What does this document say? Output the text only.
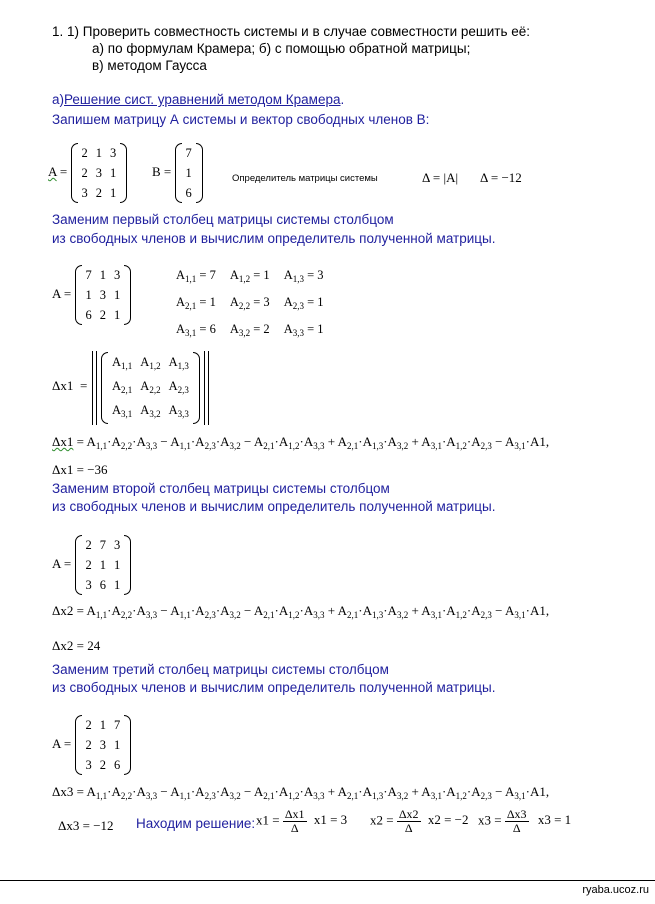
1. 1) Проверить совместность системы и в случае совместности решить её:
а) по формулам Крамера; б) с помощью обратной матрицы;
в) методом Гаусса
а)Решение сист. уравнений методом Крамера.
Запишем матрицу А системы и вектор свободных членов В:
A =
2	1	3
2	3	1
3	2	1
B =
7
1
6
Определитель матрицы системы	Δ = |A| Δ = −12
Заменим первый столбец матрицы системы столбцом
из свободных членов и вычислим определитель полученной матрицы.
A =
7	1	3
1	3	1
6	2	1
$A_{1,1} = 7$	$A_{1,2} = 1$	$A_{1,3} = 3$
$A_{2,1} = 1$	$A_{2,2} = 3$	$A_{2,3} = 1$
$A_{3,1} = 6$	$A_{3,2} = 2$	$A_{3,3} = 1$
Δx1 =
$A_{1,1}$	$A_{1,2}$	$A_{1,3}$
$A_{2,1}$	$A_{2,2}$	$A_{2,3}$
$A_{3,1}$	$A_{3,2}$	$A_{3,3}$
$\Delta x1 = A_{1,1}\cdot A_{2,2}\cdot A_{3,3} - A_{1,1}\cdot A_{2,3}\cdot A_{3,2} - A_{2,1}\cdot A_{1,2}\cdot A_{3,3} + A_{2,1}\cdot A_{1,3}\cdot A_{3,2} + A_{3,1}\cdot A_{1,2}\cdot A_{2,3} - A_{3,1}\cdot A1$,
Δx1 = −36
Заменим второй столбец матрицы системы столбцом
из свободных членов и вычислим определитель полученной матрицы.
A =
2	7	3
2	1	1
3	6	1
$\Delta x2 = A_{1,1}\cdot A_{2,2}\cdot A_{3,3} - A_{1,1}\cdot A_{2,3}\cdot A_{3,2} - A_{2,1}\cdot A_{1,2}\cdot A_{3,3} + A_{2,1}\cdot A_{1,3}\cdot A_{3,2} + A_{3,1}\cdot A_{1,2}\cdot A_{2,3} - A_{3,1}\cdot A1$,
Δx2 = 24
Заменим третий столбец матрицы системы столбцом
из свободных членов и вычислим определитель полученной матрицы.
A =
2	1	7
2	3	1
3	2	6
$\Delta x3 = A_{1,1}\cdot A_{2,2}\cdot A_{3,3} - A_{1,1}\cdot A_{2,3}\cdot A_{3,2} - A_{2,1}\cdot A_{1,2}\cdot A_{3,3} + A_{2,1}\cdot A_{1,3}\cdot A_{3,2} + A_{3,1}\cdot A_{1,2}\cdot A_{2,3} - A_{3,1}\cdot A1$,
Δx3 = −12 Находим решение: $x1 = \frac{\Delta x1}{\Delta} x1 = 3$ $x2 = \frac{\Delta x2}{\Delta} x2 = -2$ $x3 = \frac{\Delta x3}{\Delta} x3 = 1$
ryaba.ucoz.ru
